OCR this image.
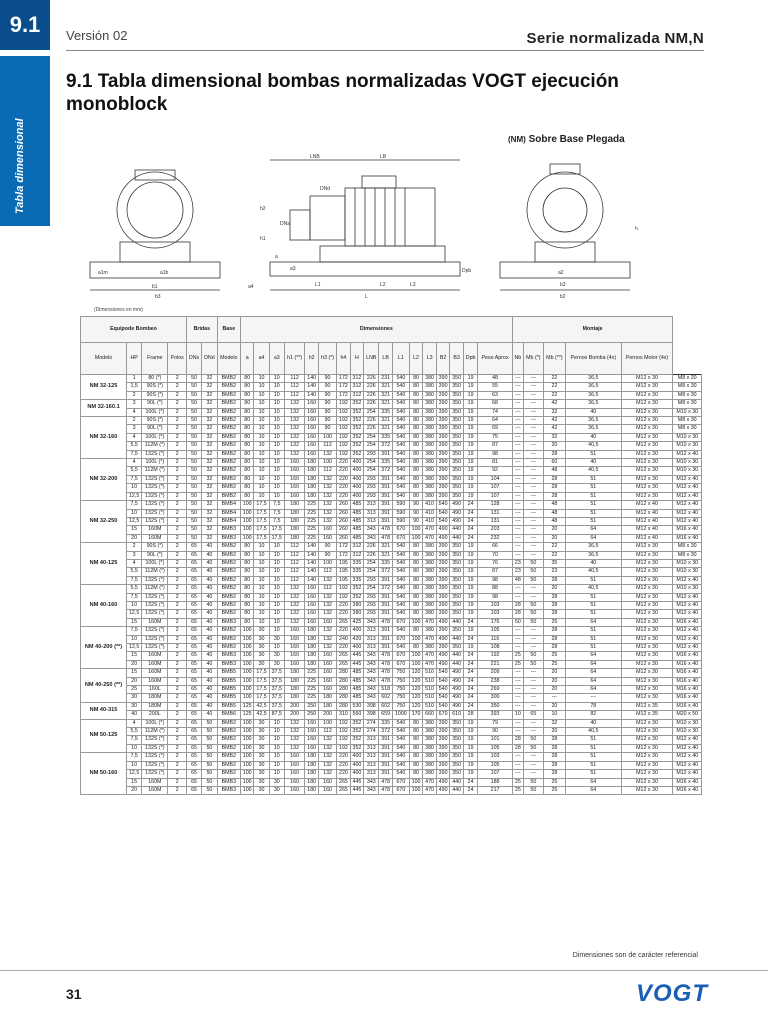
9.1
Tabla dimensional
Versión 02	Serie normalizada NM,N
9.1 Tabla dimensional bombas normalizadas VOGT ejecución monoblock
(NM) Sobre Base Plegada
LNB	LB
h2
h1
h
a
a1m	a1b	a2
a3
a4
b1
b2
b3
b3	L
L1	L2	L3
Dpb
DNs
DNd
(Dimensiones en mm)
Equipode Bombeo				Bridas		Base	Dimensiones																	Montaje					
Modelo	HP	Frame	Polos	DNs	DNd	Modelo	a	a4	a3	h1 (**)	h2	h3 (*)	h4	H	LNB	LB	L1	L2	L3	B2	B3	Dpb	Peso Aprox	Nb	Mb (*)	Mb (**)	Pernos Bomba (4x)	Pernos Motor (4x)	
NM 32-125	1	80 (*)	2	50	32	BMB2	80	10	10	112	140	90	172	312	226	231	540	80	380	390	350	19	48	---	---	22	36,5	M12 x 30	M8 x 20
	1,5	90S (*)	2	50	32	BMB2	80	10	10	112	140	90	172	312	226	321	540	80	380	390	350	19	55	---	---	22	36,5	M12 x 30	M8 x 30
	2	90S (*)	2	50	32	BMB2	80	10	10	112	140	90	172	312	226	321	540	80	380	390	350	19	63	---	---	22	36,5	M12 x 30	M8 x 30
NM 32-160.1	3	90L (*)	2	50	32	BMB2	80	10	10	132	160	90	192	352	226	321	540	80	380	390	350	19	68	---	---	42	36,5	M12 x 30	M8 x 30
	4	100L (*)	2	50	32	BMB2	80	10	10	132	160	90	192	352	254	335	540	80	380	390	350	19	74	---	---	32	40	M12 x 30	M10 x 30
NM 32-160	2	90S (*)	2	50	32	BMB2	80	10	10	132	160	90	192	352	226	321	540	80	380	390	350	19	64	---	---	42	36,5	M12 x 30	M8 x 30
	3	90L (*)	2	50	32	BMB2	80	10	10	132	160	90	192	352	226	321	540	80	380	390	350	19	69	---	---	42	36,5	M12 x 30	M8 x 30
	4	100L (*)	2	50	32	BMB2	80	10	10	132	160	100	192	352	254	335	540	80	380	390	350	19	75	---	---	32	40	M12 x 30	M10 x 30
	5,5	112M (*)	2	50	32	BMB2	80	10	10	132	160	112	192	352	254	372	540	80	380	390	350	19	87	---	---	20	40,5	M12 x 30	M10 x 30
	7,5	132S (*)	2	50	32	BMB2	80	10	10	132	160	132	192	352	293	391	540	80	380	390	350	19	98	---	---	28	51	M12 x 30	M12 x 40
NM 32-200	4	100L (*)	2	50	32	BMB2	80	10	10	160	180	100	220	400	254	335	540	80	380	390	350	19	81	---	---	60	40	M12 x 30	M10 x 30
	5,5	112M (*)	2	50	32	BMB2	80	10	10	160	180	112	220	400	254	372	540	80	380	390	350	19	92	---	---	48	40,5	M12 x 30	M10 x 30
	7,5	132S (*)	2	50	32	BMB2	80	10	10	160	180	132	220	400	293	391	540	80	380	390	350	19	104	---	---	28	51	M12 x 30	M12 x 40
	10	132S (*)	2	50	32	BMB2	80	10	10	160	180	132	220	400	293	391	540	80	380	390	350	19	107	---	---	28	51	M12 x 30	M12 x 40
	12,5	132S (*)	2	50	32	BMB2	80	10	10	160	180	132	220	400	293	391	540	80	380	390	350	19	107	---	---	28	51	M12 x 30	M12 x 40
NM 32-250	7,5	132S (*)	2	50	32	BMB4	100	17,5	7,5	180	225	132	260	485	313	391	590	90	410	540	490	24	128	---	---	48	51	M12 x 40	M12 x 40
	10	132S (*)	2	50	32	BMB4	100	17,5	7,5	180	225	132	260	485	313	391	590	90	410	540	490	24	131	---	---	48	51	M12 x 40	M12 x 40
	12,5	132S (*)	2	50	32	BMB4	100	17,5	7,5	180	225	132	260	485	313	391	590	90	410	540	490	24	131	---	---	48	51	M12 x 40	M12 x 40
	15	160M	2	50	32	BMB3	100	17,5	17,5	180	225	160	260	485	343	478	670	100	470	490	440	24	203	---	---	20	64	M12 x 40	M16 x 40
	20	160M	2	50	32	BMB3	100	17,5	17,5	180	225	160	260	485	343	478	670	100	470	490	440	24	232	---	---	20	64	M12 x 40	M16 x 40
NM 40-125	2	90S (*)	2	65	40	BMB2	80	10	10	112	140	90	172	312	226	321	540	80	380	390	350	19	66	---	---	22	36,5	M12 x 30	M8 x 30
	3	90L (*)	2	65	40	BMB2	80	10	10	112	140	90	172	312	226	321	540	80	380	390	350	19	70	---	---	22	36,5	M12 x 30	M8 x 30
	4	100L (*)	2	65	40	BMB2	80	10	10	112	140	100	195	335	254	335	540	80	380	390	350	19	76	23	50	35	40	M12 x 30	M10 x 30
	5,5	112M (*)	2	65	40	BMB2	80	10	10	112	140	112	195	335	254	372	540	80	380	390	350	19	87	23	50	23	40,5	M12 x 30	M10 x 30
	7,5	132S (*)	2	65	40	BMB2	80	10	10	112	140	132	195	335	293	391	540	80	380	390	350	19	98	48	50	28	51	M12 x 30	M12 x 40
NM 40-160	5,5	112M (*)	2	65	40	BMB2	80	10	10	132	160	112	192	352	254	372	540	80	380	390	350	19	88	---	---	20	40,5	M12 x 30	M10 x 30
	7,5	132S (*)	2	65	40	BMB2	80	10	10	132	160	132	192	352	293	391	540	80	380	390	350	19	98	---	---	28	51	M12 x 30	M12 x 40
	10	132S (*)	2	65	40	BMB2	80	10	10	132	160	132	220	380	293	391	540	80	380	390	350	19	103	28	50	28	51	M12 x 30	M12 x 40
	12,5	132S (*)	2	65	40	BMB2	80	10	10	132	160	132	220	380	293	391	540	80	380	390	350	19	103	28	50	28	51	M12 x 30	M12 x 40
	15	160M	2	65	40	BMB3	80	10	10	132	160	160	265	425	343	478	670	100	470	490	440	24	176	50	50	25	64	M12 x 30	M16 x 40
NM 40-200 (**)	7,5	132S (*)	2	65	40	BMB2	100	30	10	160	180	132	220	400	313	391	540	80	380	390	350	19	105	---	---	28	51	M12 x 30	M12 x 40
	10	132S (*)	2	65	40	BMB2	100	30	30	160	180	132	240	420	313	391	670	100	470	490	440	24	116	---	---	28	51	M12 x 30	M12 x 40
	12,5	132S (*)	2	65	40	BMB2	100	30	10	160	180	132	220	400	313	391	540	80	380	390	350	19	108	---	---	28	51	M12 x 30	M12 x 40
	15	160M	2	65	40	BMB3	100	30	30	160	180	160	265	445	343	478	670	100	470	490	440	24	192	25	50	25	64	M12 x 30	M16 x 40
	20	160M	2	65	40	BMB3	100	30	30	160	180	160	265	445	343	478	670	100	470	490	440	24	221	25	50	25	64	M12 x 30	M16 x 40
NM 40-250 (**)	15	160M	2	65	40	BMB5	100	17,5	37,5	180	225	160	280	485	343	478	750	120	510	540	490	24	209	---	---	20	64	M12 x 30	M16 x 40
	20	160M	2	65	40	BMB5	100	17,5	37,5	180	225	160	280	485	343	478	750	120	510	540	490	24	238	---	---	20	64	M12 x 30	M16 x 40
	25	160L	2	65	40	BMB5	100	17,5	37,5	180	225	160	280	485	343	518	750	120	510	540	490	24	269	---	---	20	64	M12 x 30	M16 x 40
	30	180M	2	65	40	BMB5	100	17,5	37,5	180	225	180	280	485	343	602	750	120	510	540	490	24	300	---	---	---	---	M12 x 30	M16 x 40
NM 40-315	30	180M	2	65	40	BMB5	125	42,5	37,5	200	250	180	280	530	398	602	750	120	510	540	490	24	350	---	---	20	78	M12 x 35	M16 x 40
	40	200L	2	65	40	BMB6	125	42,5	87,5	200	250	200	310	560	398	659	1000	170	660	670	610	28	393	10	65	10	82	M12 x 35	M20 x 50
NM 50-125	4	100L (*)	2	65	50	BMB2	100	30	10	132	160	100	192	352	274	335	540	80	380	390	350	19	79	---	---	32	40	M12 x 30	M10 x 30
	5,5	112M (*)	2	65	50	BMB2	100	30	10	132	160	112	192	352	274	372	540	80	380	390	350	19	90	---	---	20	40,5	M12 x 30	M10 x 30
	7,5	132S (*)	2	65	50	BMB2	100	30	10	132	160	132	192	352	313	391	540	80	380	390	350	19	101	28	50	28	51	M12 x 30	M12 x 40
	10	132S (*)	2	65	50	BMB2	100	30	10	132	160	132	192	352	313	391	540	80	380	390	350	19	105	28	50	28	51	M12 x 30	M12 x 40
NM 50-160	7,5	132S (*)	2	65	50	BMB2	100	30	10	160	180	132	220	400	313	391	540	80	380	390	350	19	103	---	---	28	51	M12 x 30	M12 x 40
	10	132S (*)	2	65	50	BMB2	100	30	10	160	180	132	220	400	313	391	540	80	380	390	350	19	105	---	---	28	51	M12 x 30	M12 x 40
	12,5	132S (*)	2	65	50	BMB2	100	30	10	160	180	132	220	400	313	391	540	80	380	390	350	19	107	---	---	28	51	M12 x 30	M12 x 40
	15	160M	2	65	50	BMB3	100	30	30	160	180	160	265	445	343	478	670	100	470	490	440	24	188	25	50	25	64	M12 x 30	M16 x 40
	20	160M	2	65	50	BMB3	100	30	30	160	180	160	265	445	343	478	670	100	470	490	440	24	217	25	50	25	64	M12 x 30	M16 x 40
Dimensiones son de carácter referencial
31	VOGT
